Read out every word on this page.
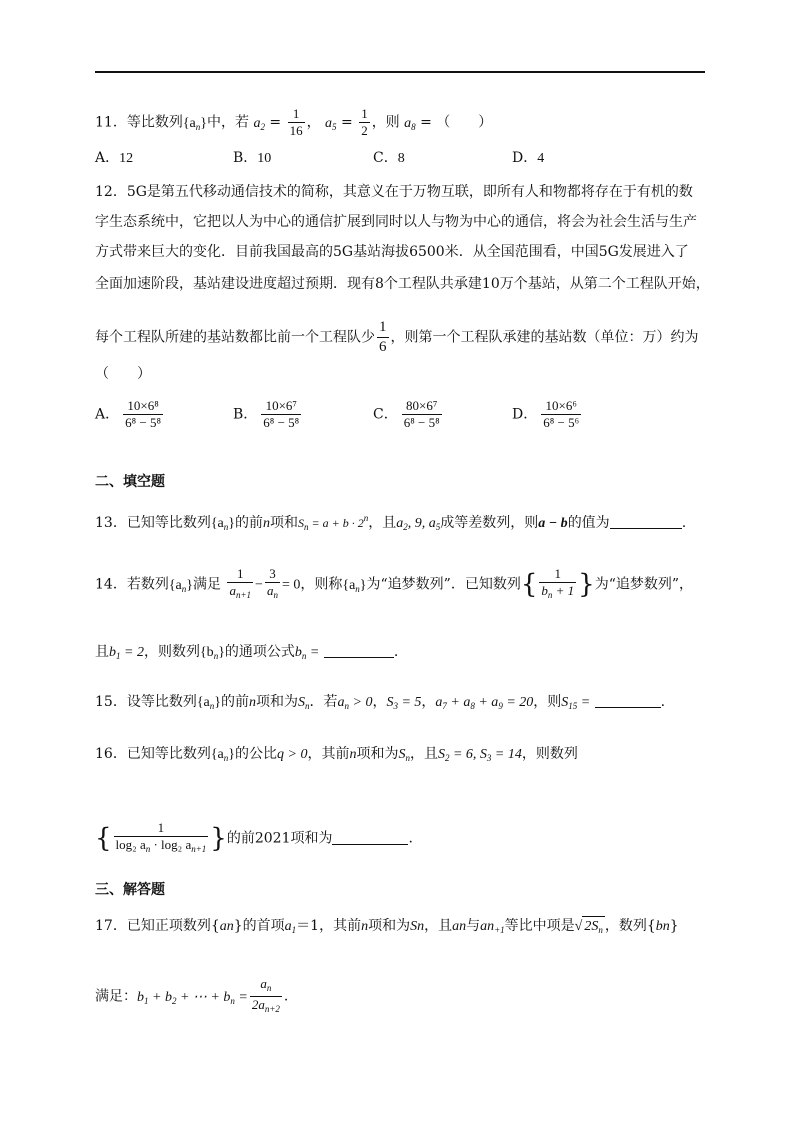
11．等比数列$\{a_n\}$中，若 $a_2 = \frac{1}{16}$ ， $a_5 = \frac{1}{2}$ ，则 $a_8$ = （　　）
A．12	B．10	C．8	D．4
12．5G是第五代移动通信技术的简称，其意义在于万物互联，即所有人和物都将存在于有机的数
字生态系统中，它把以人为中心的通信扩展到同时以人与物为中心的通信，将会为社会生活与生产
方式带来巨大的变化．目前我国最高的5G基站海拔6500米．从全国范围看，中国5G发展进入了
全面加速阶段，基站建设进度超过预期．现有8个工程队共承建10万个基站，从第二个工程队开始，
每个工程队所建的基站数都比前一个工程队少 $\frac{1}{6}$ ，则第一个工程队承建的基站数（单位：万）约为
（　　）
A． $\frac{\text{10×6⁸}}{\text{6⁸ − 5⁸}}$	B． $\frac{\text{10×6⁷}}{\text{6⁸ − 5⁸}}$	C． $\frac{\text{80×6⁷}}{\text{6⁸ − 5⁸}}$	D． $\frac{\text{10×6⁶}}{\text{6⁸ − 5⁶}}$
二、填空题
13．已知等比数列$\{a_n\}$的前n项和$S_n = a + b \cdot 2^n$，且$a_2$, 9, $a_5$成等差数列，则a − b的值为	.
14．若数列$\{a_n\}$满足 $\frac{1}{a_{n+1}} - \frac{3}{a_n} = 0$，则称$\{a_n\}$为“追梦数列”．已知数列{ $\frac{1}{b_n + 1}$ }为“追梦数列”，
且$b_1 = 2$，则数列$\{b_n\}$的通项公式$b_n$ =	.
15．设等比数列$\{a_n\}$的前n项和为$S_n$．若$a_n > 0$，$S_3 = 5$，$a_7 + a_8 + a_9 = 20$，则$S_{15}$ =	.
16．已知等比数列$\{a_n\}$的公比q > 0，其前n项和为$S_n$，且$S_2 = 6$, $S_3 = 14$，则数列
{ $\frac{1}{\log_2 a_n \cdot \log_2 a_{n+1}}$ }的前2021项和为	.
三、解答题
17．已知正项数列{an}的首项$a_1=1$，其前n项和为Sn，且an与$an_{+1}$等比中项是√ $2S_n$ ，数列{bn}
满足：$b_1 + b_2$ + ⋯ + $b_n = \frac{a_n}{2a_{n+2}}$ .
